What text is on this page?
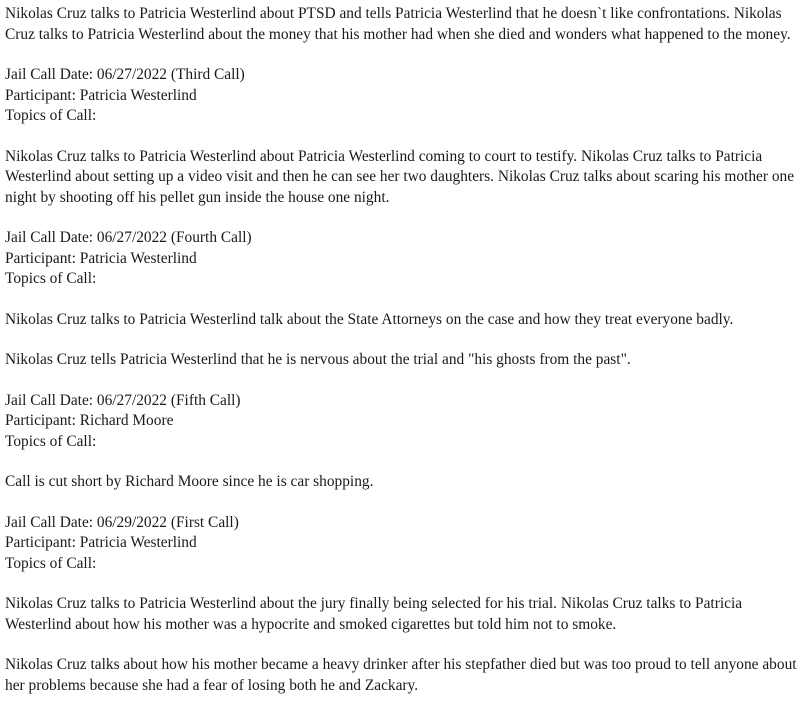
Nikolas Cruz talks to Patricia Westerlind about PTSD and tells Patricia Westerlind that he doesn`t like confrontations. Nikolas Cruz talks to Patricia Westerlind about the money that his mother had when she died and wonders what happened to the money.

Jail Call Date: 06/27/2022 (Third Call)

Participant: Patricia Westerlind

Topics of Call:

Nikolas Cruz talks to Patricia Westerlind about Patricia Westerlind coming to court to testify. Nikolas Cruz talks to Patricia Westerlind about setting up a video visit and then he can see her two daughters. Nikolas Cruz talks about scaring his mother one night by shooting off his pellet gun inside the house one night.

Jail Call Date: 06/27/2022 (Fourth Call)

Participant: Patricia Westerlind

Topics of Call:

Nikolas Cruz talks to Patricia Westerlind talk about the State Attorneys on the case and how they treat everyone badly.

Nikolas Cruz tells Patricia Westerlind that he is nervous about the trial and "his ghosts from the past".

Jail Call Date: 06/27/2022 (Fifth Call)

Participant: Richard Moore

Topics of Call:

Call is cut short by Richard Moore since he is car shopping.

Jail Call Date: 06/29/2022 (First Call)

Participant: Patricia Westerlind

Topics of Call:

Nikolas Cruz talks to Patricia Westerlind about the jury finally being selected for his trial. Nikolas Cruz talks to Patricia Westerlind about how his mother was a hypocrite and smoked cigarettes but told him not to smoke.

Nikolas Cruz talks about how his mother became a heavy drinker after his stepfather died but was too proud to tell anyone about her problems because she had a fear of losing both he and Zackary.
